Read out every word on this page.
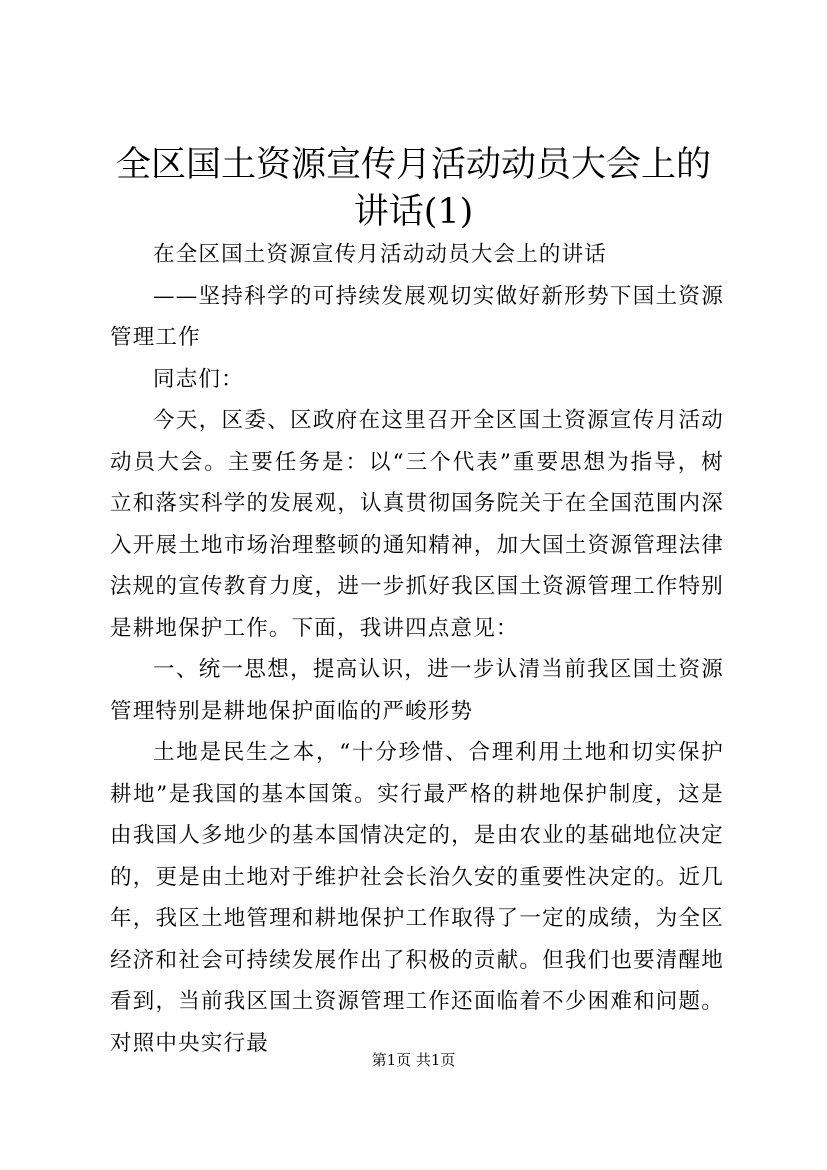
全区国土资源宣传月活动动员大会上的讲话(1)

在全区国土资源宣传月活动动员大会上的讲话

——坚持科学的可持续发展观切实做好新形势下国土资源管理工作

同志们：

今天，区委、区政府在这里召开全区国土资源宣传月活动动员大会。主要任务是：以“三个代表”重要思想为指导，树立和落实科学的发展观，认真贯彻国务院关于在全国范围内深入开展土地市场治理整顿的通知精神，加大国土资源管理法律法规的宣传教育力度，进一步抓好我区国土资源管理工作特别是耕地保护工作。下面，我讲四点意见：

一、统一思想，提高认识，进一步认清当前我区国土资源管理特别是耕地保护面临的严峻形势

土地是民生之本，“十分珍惜、合理利用土地和切实保护耕地”是我国的基本国策。实行最严格的耕地保护制度，这是由我国人多地少的基本国情决定的，是由农业的基础地位决定的，更是由土地对于维护社会长治久安的重要性决定的。近几年，我区土地管理和耕地保护工作取得了一定的成绩，为全区经济和社会可持续发展作出了积极的贡献。但我们也要清醒地看到，当前我区国土资源管理工作还面临着不少困难和问题。对照中央实行最

第1页 共1页
